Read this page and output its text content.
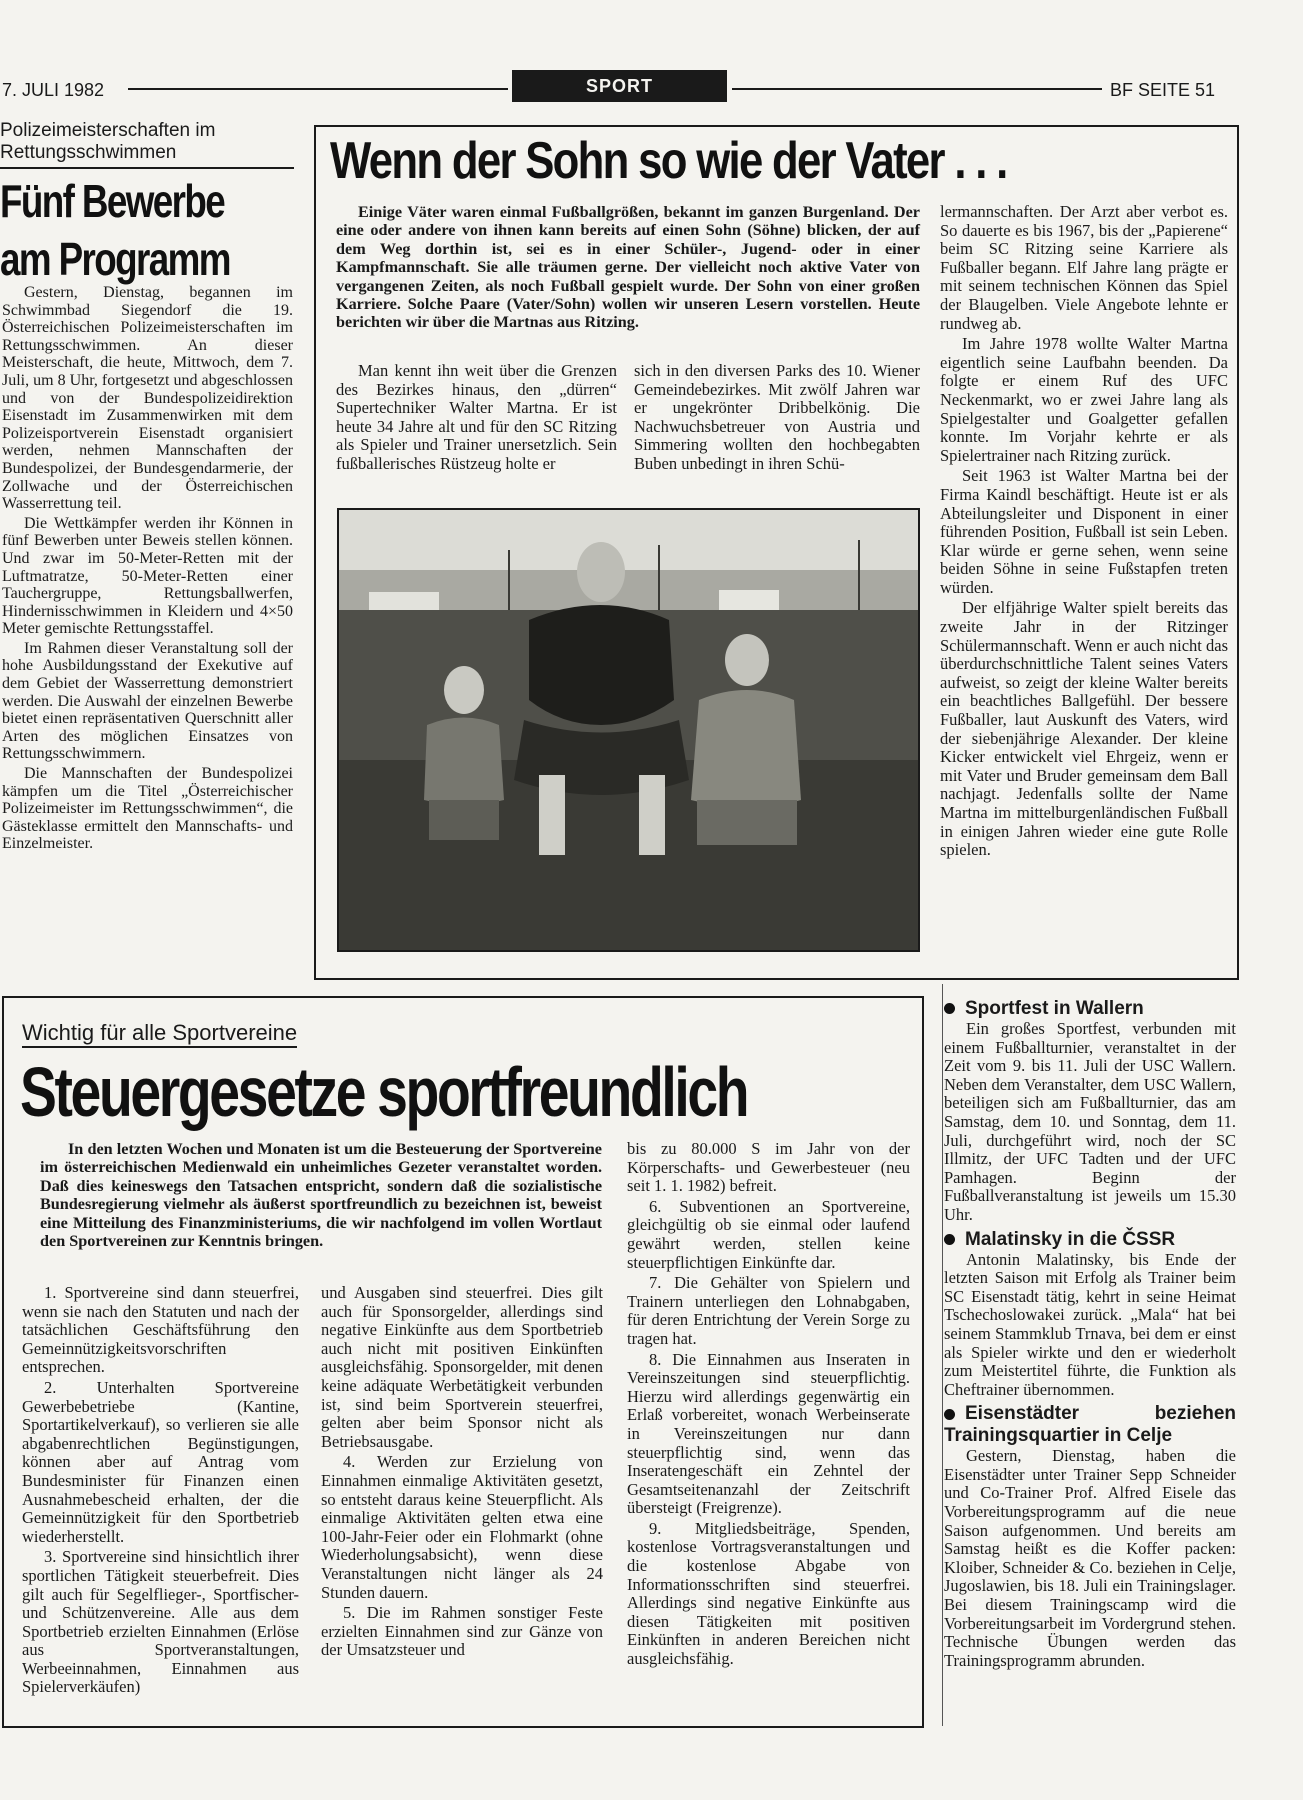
7. JULI 1982	SPORT	BF SEITE 51
Polizeimeisterschaften im Rettungsschwimmen
Fünf Bewerbe
am Programm

Gestern, Dienstag, begannen im Schwimmbad Siegendorf die 19. Österreichischen Polizeimeisterschaften im Rettungsschwimmen. An dieser Meisterschaft, die heute, Mittwoch, dem 7. Juli, um 8 Uhr, fortgesetzt und abgeschlossen und von der Bundespolizeidirektion Eisenstadt im Zusammenwirken mit dem Polizeisportverein Eisenstadt organisiert werden, nehmen Mannschaften der Bundespolizei, der Bundesgendarmerie, der Zollwache und der Österreichischen Wasserrettung teil.

Die Wettkämpfer werden ihr Können in fünf Bewerben unter Beweis stellen können. Und zwar im 50-Meter-Retten mit der Luftmatratze, 50-Meter-Retten einer Tauchergruppe, Rettungsballwerfen, Hindernisschwimmen in Kleidern und 4×50 Meter gemischte Rettungsstaffel.

Im Rahmen dieser Veranstaltung soll der hohe Ausbildungsstand der Exekutive auf dem Gebiet der Wasserrettung demonstriert werden. Die Auswahl der einzelnen Bewerbe bietet einen repräsentativen Querschnitt aller Arten des möglichen Einsatzes von Rettungsschwimmern.

Die Mannschaften der Bundespolizei kämpfen um die Titel „Österreichischer Polizeimeister im Rettungsschwimmen“, die Gästeklasse ermittelt den Mannschafts- und Einzelmeister.

Wenn der Sohn so wie der Vater . . .
Einige Väter waren einmal Fußballgrößen, bekannt im ganzen Burgenland. Der eine oder andere von ihnen kann bereits auf einen Sohn (Söhne) blicken, der auf dem Weg dorthin ist, sei es in einer Schüler-, Jugend- oder in einer Kampfmannschaft. Sie alle träumen gerne. Der vielleicht noch aktive Vater von vergangenen Zeiten, als noch Fußball gespielt wurde. Der Sohn von einer großen Karriere. Solche Paare (Vater/Sohn) wollen wir unseren Lesern vorstellen. Heute berichten wir über die Martnas aus Ritzing.
Man kennt ihn weit über die Grenzen des Bezirkes hinaus, den „dürren“ Supertechniker Walter Martna. Er ist heute 34 Jahre alt und für den SC Ritzing als Spieler und Trainer unersetzlich. Sein fußballerisches Rüstzeug holte er
sich in den diversen Parks des 10. Wiener Gemeindebezirkes. Mit zwölf Jahren war er ungekrönter Dribbelkönig. Die Nachwuchsbetreuer von Austria und Simmering wollten den hochbegabten Buben unbedingt in ihren Schü-

lermannschaften. Der Arzt aber verbot es. So dauerte es bis 1967, bis der „Papierene“ beim SC Ritzing seine Karriere als Fußballer begann. Elf Jahre lang prägte er mit seinem technischen Können das Spiel der Blaugelben. Viele Angebote lehnte er rundweg ab.

Im Jahre 1978 wollte Walter Martna eigentlich seine Laufbahn beenden. Da folgte er einem Ruf des UFC Neckenmarkt, wo er zwei Jahre lang als Spielgestalter und Goalgetter gefallen konnte. Im Vorjahr kehrte er als Spielertrainer nach Ritzing zurück.

Seit 1963 ist Walter Martna bei der Firma Kaindl beschäftigt. Heute ist er als Abteilungsleiter und Disponent in einer führenden Position, Fußball ist sein Leben. Klar würde er gerne sehen, wenn seine beiden Söhne in seine Fußstapfen treten würden.

Der elfjährige Walter spielt bereits das zweite Jahr in der Ritzinger Schülermannschaft. Wenn er auch nicht das überdurchschnittliche Talent seines Vaters aufweist, so zeigt der kleine Walter bereits ein beachtliches Ballgefühl. Der bessere Fußballer, laut Auskunft des Vaters, wird der siebenjährige Alexander. Der kleine Kicker entwickelt viel Ehrgeiz, wenn er mit Vater und Bruder gemeinsam dem Ball nachjagt. Jedenfalls sollte der Name Martna im mittelburgenländischen Fußball in einigen Jahren wieder eine gute Rolle spielen.

Wichtig für alle Sportvereine
Steuergesetze sportfreundlich
In den letzten Wochen und Monaten ist um die Besteuerung der Sportvereine im österreichischen Medienwald ein unheimliches Gezeter veranstaltet worden. Daß dies keineswegs den Tatsachen entspricht, sondern daß die sozialistische Bundesregierung vielmehr als äußerst sportfreundlich zu bezeichnen ist, beweist eine Mitteilung des Finanzministeriums, die wir nachfolgend im vollen Wortlaut den Sportvereinen zur Kenntnis bringen.

1. Sportvereine sind dann steuerfrei, wenn sie nach den Statuten und nach der tatsächlichen Geschäftsführung den Gemeinnützigkeitsvorschriften entsprechen.

2. Unterhalten Sportvereine Gewerbebetriebe (Kantine, Sportartikelverkauf), so verlieren sie alle abgabenrechtlichen Begünstigungen, können aber auf Antrag vom Bundesminister für Finanzen einen Ausnahmebescheid erhalten, der die Gemeinnützigkeit für den Sportbetrieb wiederherstellt.

3. Sportvereine sind hinsichtlich ihrer sportlichen Tätigkeit steuerbefreit. Dies gilt auch für Segelflieger-, Sportfischer- und Schützenvereine. Alle aus dem Sportbetrieb erzielten Einnahmen (Erlöse aus Sportveranstaltungen, Werbeeinnahmen, Einnahmen aus Spielerverkäufen)

und Ausgaben sind steuerfrei. Dies gilt auch für Sponsorgelder, allerdings sind negative Einkünfte aus dem Sportbetrieb auch nicht mit positiven Einkünften ausgleichsfähig. Sponsorgelder, mit denen keine adäquate Werbetätigkeit verbunden ist, sind beim Sportverein steuerfrei, gelten aber beim Sponsor nicht als Betriebsausgabe.

4. Werden zur Erzielung von Einnahmen einmalige Aktivitäten gesetzt, so entsteht daraus keine Steuerpflicht. Als einmalige Aktivitäten gelten etwa eine 100-Jahr-Feier oder ein Flohmarkt (ohne Wiederholungsabsicht), wenn diese Veranstaltungen nicht länger als 24 Stunden dauern.

5. Die im Rahmen sonstiger Feste erzielten Einnahmen sind zur Gänze von der Umsatzsteuer und

bis zu 80.000 S im Jahr von der Körperschafts- und Gewerbesteuer (neu seit 1. 1. 1982) befreit.

6. Subventionen an Sportvereine, gleichgültig ob sie einmal oder laufend gewährt werden, stellen keine steuerpflichtigen Einkünfte dar.

7. Die Gehälter von Spielern und Trainern unterliegen den Lohnabgaben, für deren Entrichtung der Verein Sorge zu tragen hat.

8. Die Einnahmen aus Inseraten in Vereinszeitungen sind steuerpflichtig. Hierzu wird allerdings gegenwärtig ein Erlaß vorbereitet, wonach Werbeinserate in Vereinszeitungen nur dann steuerpflichtig sind, wenn das Inseratengeschäft ein Zehntel der Gesamtseitenanzahl der Zeitschrift übersteigt (Freigrenze).

9. Mitgliedsbeiträge, Spenden, kostenlose Vortragsveranstaltungen und die kostenlose Abgabe von Informationsschriften sind steuerfrei. Allerdings sind negative Einkünfte aus diesen Tätigkeiten mit positiven Einkünften in anderen Bereichen nicht ausgleichsfähig.

Sportfest in Wallern

Ein großes Sportfest, verbunden mit einem Fußballturnier, veranstaltet in der Zeit vom 9. bis 11. Juli der USC Wallern. Neben dem Veranstalter, dem USC Wallern, beteiligen sich am Fußballturnier, das am Samstag, dem 10. und Sonntag, dem 11. Juli, durchgeführt wird, noch der SC Illmitz, der UFC Tadten und der UFC Pamhagen. Beginn der Fußballveranstaltung ist jeweils um 15.30 Uhr.

Malatinsky in die ČSSR

Antonin Malatinsky, bis Ende der letzten Saison mit Erfolg als Trainer beim SC Eisenstadt tätig, kehrt in seine Heimat Tschechoslowakei zurück. „Mala“ hat bei seinem Stammklub Trnava, bei dem er einst als Spieler wirkte und den er wiederholt zum Meistertitel führte, die Funktion als Cheftrainer übernommen.

Eisenstädter beziehen Trainingsquartier in Celje

Gestern, Dienstag, haben die Eisenstädter unter Trainer Sepp Schneider und Co-Trainer Prof. Alfred Eisele das Vorbereitungsprogramm auf die neue Saison aufgenommen. Und bereits am Samstag heißt es die Koffer packen: Kloiber, Schneider & Co. beziehen in Celje, Jugoslawien, bis 18. Juli ein Trainingslager. Bei diesem Trainingscamp wird die Vorbereitungsarbeit im Vordergrund stehen. Technische Übungen werden das Trainingsprogramm abrunden.
